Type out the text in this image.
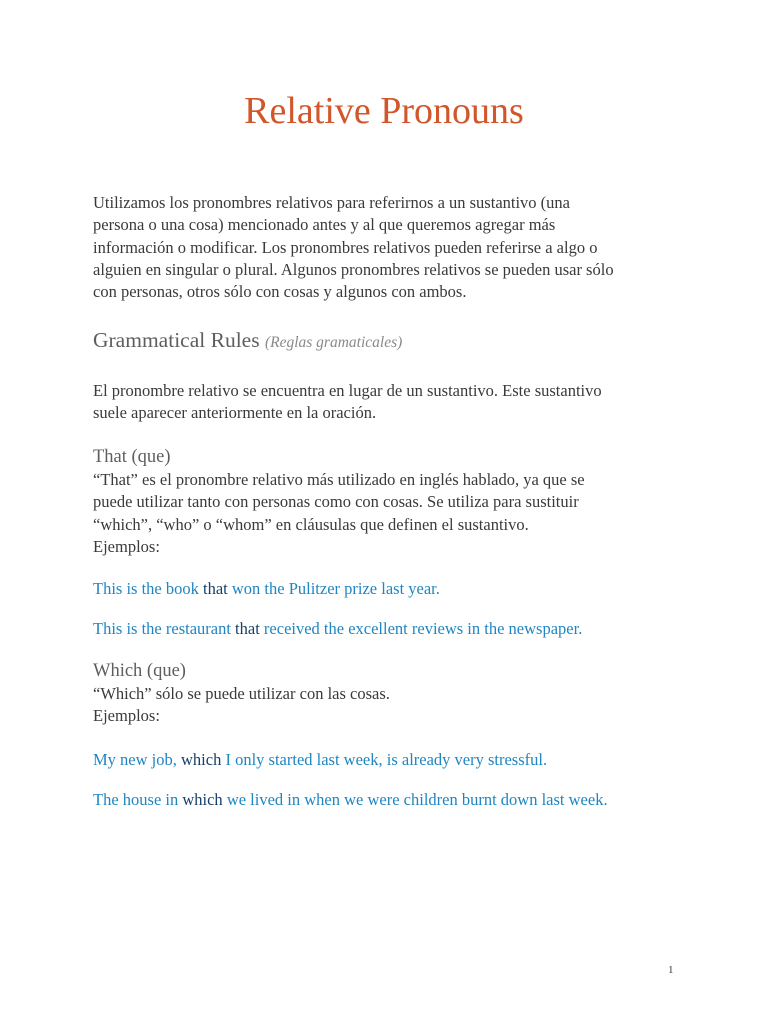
Relative Pronouns
Utilizamos los pronombres relativos para referirnos a un sustantivo (una
persona o una cosa) mencionado antes y al que queremos agregar más
información o modificar. Los pronombres relativos pueden referirse a algo o
alguien en singular o plural. Algunos pronombres relativos se pueden usar sólo
con personas, otros sólo con cosas y algunos con ambos.
Grammatical Rules (Reglas gramaticales)
El pronombre relativo se encuentra en lugar de un sustantivo. Este sustantivo
suele aparecer anteriormente en la oración.
That (que)
“That” es el pronombre relativo más utilizado en inglés hablado, ya que se
puede utilizar tanto con personas como con cosas. Se utiliza para sustituir
“which”, “who” o “whom” en cláusulas que definen el sustantivo.
Ejemplos:
This is the book that won the Pulitzer prize last year.
This is the restaurant that received the excellent reviews in the newspaper.
Which (que)
“Which” sólo se puede utilizar con las cosas.
Ejemplos:
My new job, which I only started last week, is already very stressful.
The house in which we lived in when we were children burnt down last week.
1
